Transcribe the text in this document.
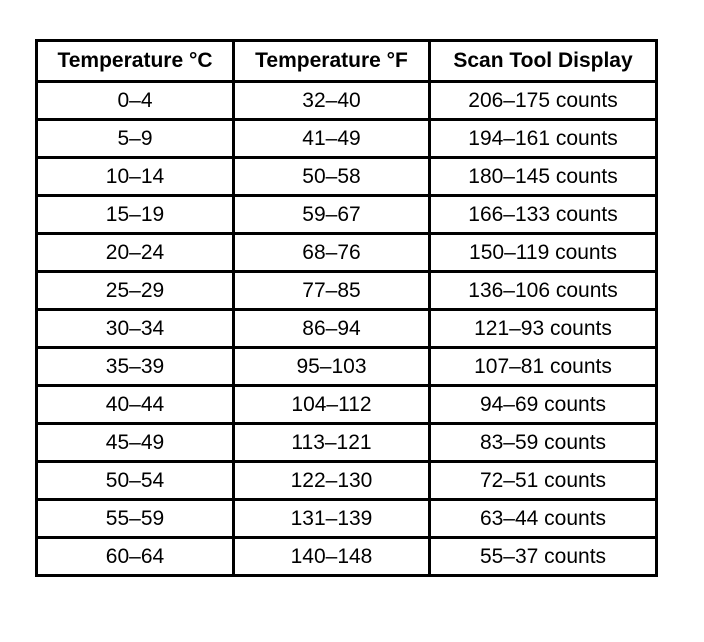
Temperature °C	Temperature °F	Scan Tool Display
0–4	32–40	206–175 counts
5–9	41–49	194–161 counts
10–14	50–58	180–145 counts
15–19	59–67	166–133 counts
20–24	68–76	150–119 counts
25–29	77–85	136–106 counts
30–34	86–94	121–93 counts
35–39	95–103	107–81 counts
40–44	104–112	94–69 counts
45–49	113–121	83–59 counts
50–54	122–130	72–51 counts
55–59	131–139	63–44 counts
60–64	140–148	55–37 counts
